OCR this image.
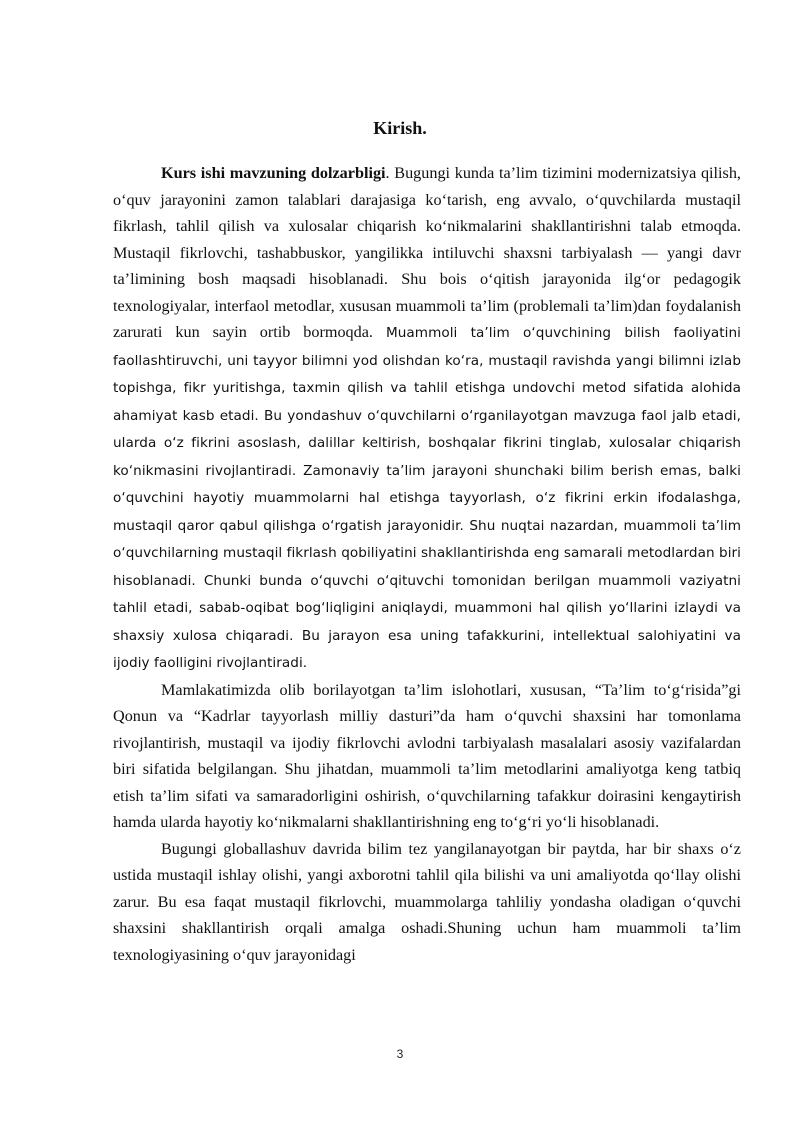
Kirish.

Kurs ishi mavzuning dolzarbligi. Bugungi kunda ta’lim tizimini modernizatsiya qilish, o‘quv jarayonini zamon talablari darajasiga ko‘tarish, eng avvalo, o‘quvchilarda mustaqil fikrlash, tahlil qilish va xulosalar chiqarish ko‘nikmalarini shakllantirishni talab etmoqda. Mustaqil fikrlovchi, tashabbuskor, yangilikka intiluvchi shaxsni tarbiyalash — yangi davr ta’limining bosh maqsadi hisoblanadi. Shu bois o‘qitish jarayonida ilg‘or pedagogik texnologiyalar, interfaol metodlar, xususan muammoli ta’lim (problemali ta’lim)dan foydalanish zarurati kun sayin ortib bormoqda. Muammoli ta’lim o‘quvchining bilish faoliyatini faollashtiruvchi, uni tayyor bilimni yod olishdan ko‘ra, mustaqil ravishda yangi bilimni izlab topishga, fikr yuritishga, taxmin qilish va tahlil etishga undovchi metod sifatida alohida ahamiyat kasb etadi. Bu yondashuv o‘quvchilarni o‘rganilayotgan mavzuga faol jalb etadi, ularda o‘z fikrini asoslash, dalillar keltirish, boshqalar fikrini tinglab, xulosalar chiqarish ko‘nikmasini rivojlantiradi. Zamonaviy ta’lim jarayoni shunchaki bilim berish emas, balki o‘quvchini hayotiy muammolarni hal etishga tayyorlash, o‘z fikrini erkin ifodalashga, mustaqil qaror qabul qilishga o‘rgatish jarayonidir. Shu nuqtai nazardan, muammoli ta’lim o‘quvchilarning mustaqil fikrlash qobiliyatini shakllantirishda eng samarali metodlardan biri hisoblanadi. Chunki bunda o‘quvchi o‘qituvchi tomonidan berilgan muammoli vaziyatni tahlil etadi, sabab-oqibat bog‘liqligini aniqlaydi, muammoni hal qilish yo‘llarini izlaydi va shaxsiy xulosa chiqaradi. Bu jarayon esa uning tafakkurini, intellektual salohiyatini va ijodiy faolligini rivojlantiradi.

Mamlakatimizda olib borilayotgan ta’lim islohotlari, xususan, “Ta’lim to‘g‘risida”gi Qonun va “Kadrlar tayyorlash milliy dasturi”da ham o‘quvchi shaxsini har tomonlama rivojlantirish, mustaqil va ijodiy fikrlovchi avlodni tarbiyalash masalalari asosiy vazifalardan biri sifatida belgilangan. Shu jihatdan, muammoli ta’lim metodlarini amaliyotga keng tatbiq etish ta’lim sifati va samaradorligini oshirish, o‘quvchilarning tafakkur doirasini kengaytirish hamda ularda hayotiy ko‘nikmalarni shakllantirishning eng to‘g‘ri yo‘li hisoblanadi.

Bugungi globallashuv davrida bilim tez yangilanayotgan bir paytda, har bir shaxs o‘z ustida mustaqil ishlay olishi, yangi axborotni tahlil qila bilishi va uni amaliyotda qo‘llay olishi zarur. Bu esa faqat mustaqil fikrlovchi, muammolarga tahliliy yondasha oladigan o‘quvchi shaxsini shakllantirish orqali amalga oshadi.Shuning uchun ham muammoli ta’lim texnologiyasining o‘quv jarayonidagi

3
